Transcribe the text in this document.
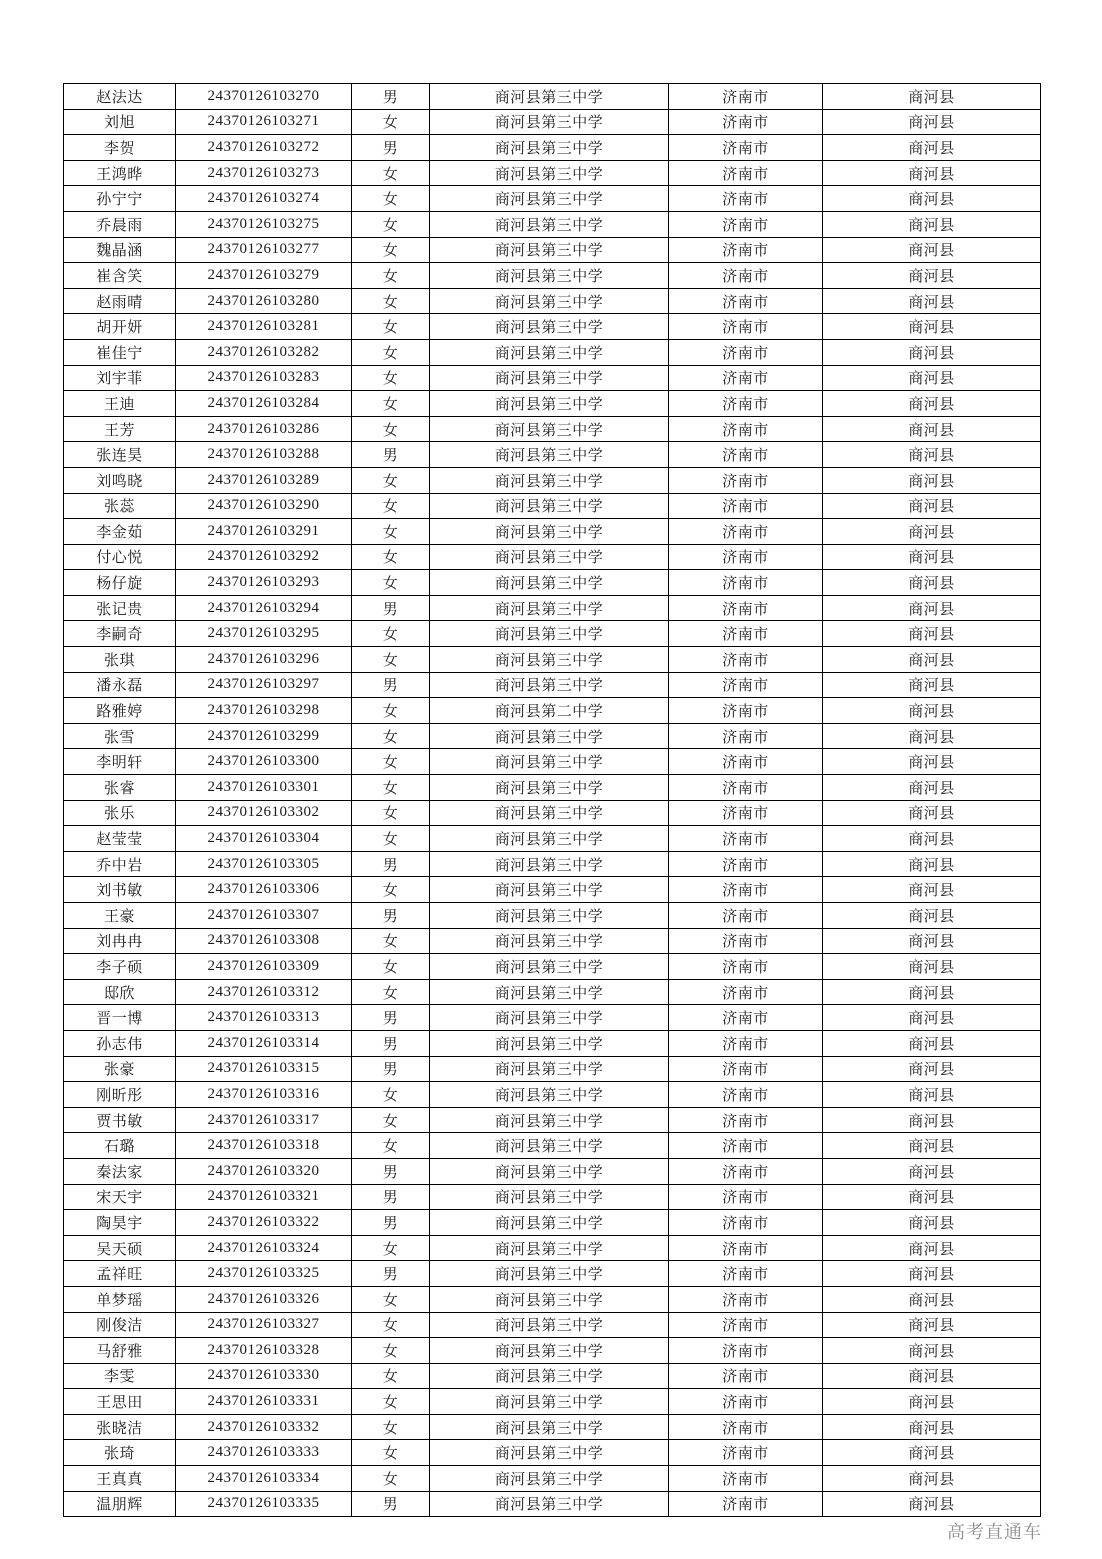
赵法达	24370126103270	男	商河县第三中学	济南市	商河县
刘旭	24370126103271	女	商河县第三中学	济南市	商河县
李贺	24370126103272	男	商河县第三中学	济南市	商河县
王鸿晔	24370126103273	女	商河县第三中学	济南市	商河县
孙宁宁	24370126103274	女	商河县第三中学	济南市	商河县
乔晨雨	24370126103275	女	商河县第三中学	济南市	商河县
魏晶涵	24370126103277	女	商河县第三中学	济南市	商河县
崔含笑	24370126103279	女	商河县第三中学	济南市	商河县
赵雨晴	24370126103280	女	商河县第三中学	济南市	商河县
胡开妍	24370126103281	女	商河县第三中学	济南市	商河县
崔佳宁	24370126103282	女	商河县第三中学	济南市	商河县
刘宇菲	24370126103283	女	商河县第三中学	济南市	商河县
王迪	24370126103284	女	商河县第三中学	济南市	商河县
王芳	24370126103286	女	商河县第三中学	济南市	商河县
张连昊	24370126103288	男	商河县第三中学	济南市	商河县
刘鸣晓	24370126103289	女	商河县第三中学	济南市	商河县
张蕊	24370126103290	女	商河县第三中学	济南市	商河县
李金茹	24370126103291	女	商河县第三中学	济南市	商河县
付心悦	24370126103292	女	商河县第三中学	济南市	商河县
杨仔旋	24370126103293	女	商河县第三中学	济南市	商河县
张记贵	24370126103294	男	商河县第三中学	济南市	商河县
李嗣奇	24370126103295	女	商河县第三中学	济南市	商河县
张琪	24370126103296	女	商河县第三中学	济南市	商河县
潘永磊	24370126103297	男	商河县第三中学	济南市	商河县
路雅婷	24370126103298	女	商河县第二中学	济南市	商河县
张雪	24370126103299	女	商河县第三中学	济南市	商河县
李明轩	24370126103300	女	商河县第三中学	济南市	商河县
张睿	24370126103301	女	商河县第三中学	济南市	商河县
张乐	24370126103302	女	商河县第三中学	济南市	商河县
赵莹莹	24370126103304	女	商河县第三中学	济南市	商河县
乔中岩	24370126103305	男	商河县第三中学	济南市	商河县
刘书敏	24370126103306	女	商河县第三中学	济南市	商河县
王豪	24370126103307	男	商河县第三中学	济南市	商河县
刘冉冉	24370126103308	女	商河县第三中学	济南市	商河县
李子硕	24370126103309	女	商河县第三中学	济南市	商河县
邸欣	24370126103312	女	商河县第三中学	济南市	商河县
晋一博	24370126103313	男	商河县第三中学	济南市	商河县
孙志伟	24370126103314	男	商河县第三中学	济南市	商河县
张豪	24370126103315	男	商河县第三中学	济南市	商河县
刚昕彤	24370126103316	女	商河县第三中学	济南市	商河县
贾书敏	24370126103317	女	商河县第三中学	济南市	商河县
石璐	24370126103318	女	商河县第三中学	济南市	商河县
秦法家	24370126103320	男	商河县第三中学	济南市	商河县
宋天宇	24370126103321	男	商河县第三中学	济南市	商河县
陶昊宇	24370126103322	男	商河县第三中学	济南市	商河县
吴天硕	24370126103324	女	商河县第三中学	济南市	商河县
孟祥旺	24370126103325	男	商河县第三中学	济南市	商河县
单梦瑶	24370126103326	女	商河县第三中学	济南市	商河县
刚俊洁	24370126103327	女	商河县第三中学	济南市	商河县
马舒雅	24370126103328	女	商河县第三中学	济南市	商河县
李雯	24370126103330	女	商河县第三中学	济南市	商河县
王思田	24370126103331	女	商河县第三中学	济南市	商河县
张晓洁	24370126103332	女	商河县第三中学	济南市	商河县
张琦	24370126103333	女	商河县第三中学	济南市	商河县
王真真	24370126103334	女	商河县第三中学	济南市	商河县
温朋辉	24370126103335	男	商河县第三中学	济南市	商河县
高考直通车
